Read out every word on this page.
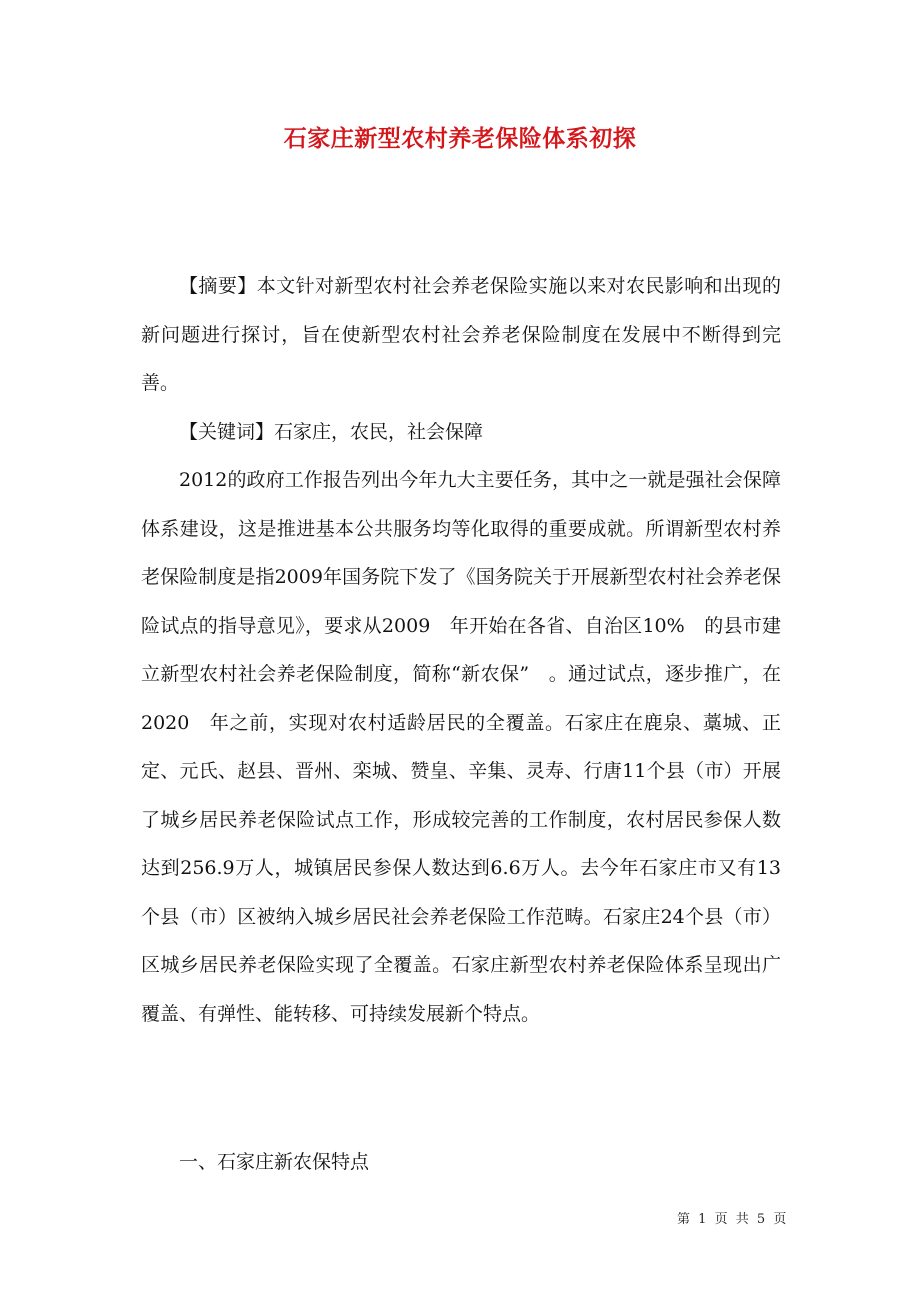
石家庄新型农村养老保险体系初探

【摘要】本文针对新型农村社会养老保险实施以来对农民影响和出现的新问题进行探讨，旨在使新型农村社会养老保险制度在发展中不断得到完善。

【关键词】石家庄，农民，社会保障

2012的政府工作报告列出今年九大主要任务，其中之一就是强社会保障体系建设，这是推进基本公共服务均等化取得的重要成就。所谓新型农村养老保险制度是指2009年国务院下发了《国务院关于开展新型农村社会养老保险试点的指导意见》，要求从2009　年开始在各省、自治区10%　的县市建立新型农村社会养老保险制度，简称“新农保”　。通过试点，逐步推广，在2020　年之前，实现对农村适龄居民的全覆盖。石家庄在鹿泉、藁城、正定、元氏、赵县、晋州、栾城、赞皇、辛集、灵寿、行唐11个县（市）开展了城乡居民养老保险试点工作，形成较完善的工作制度，农村居民参保人数达到256.9万人，城镇居民参保人数达到6.6万人。去今年石家庄市又有13个县（市）区被纳入城乡居民社会养老保险工作范畴。石家庄24个县（市）区城乡居民养老保险实现了全覆盖。石家庄新型农村养老保险体系呈现出广覆盖、有弹性、能转移、可持续发展新个特点。

一、石家庄新农保特点

第 1 页 共 5 页
